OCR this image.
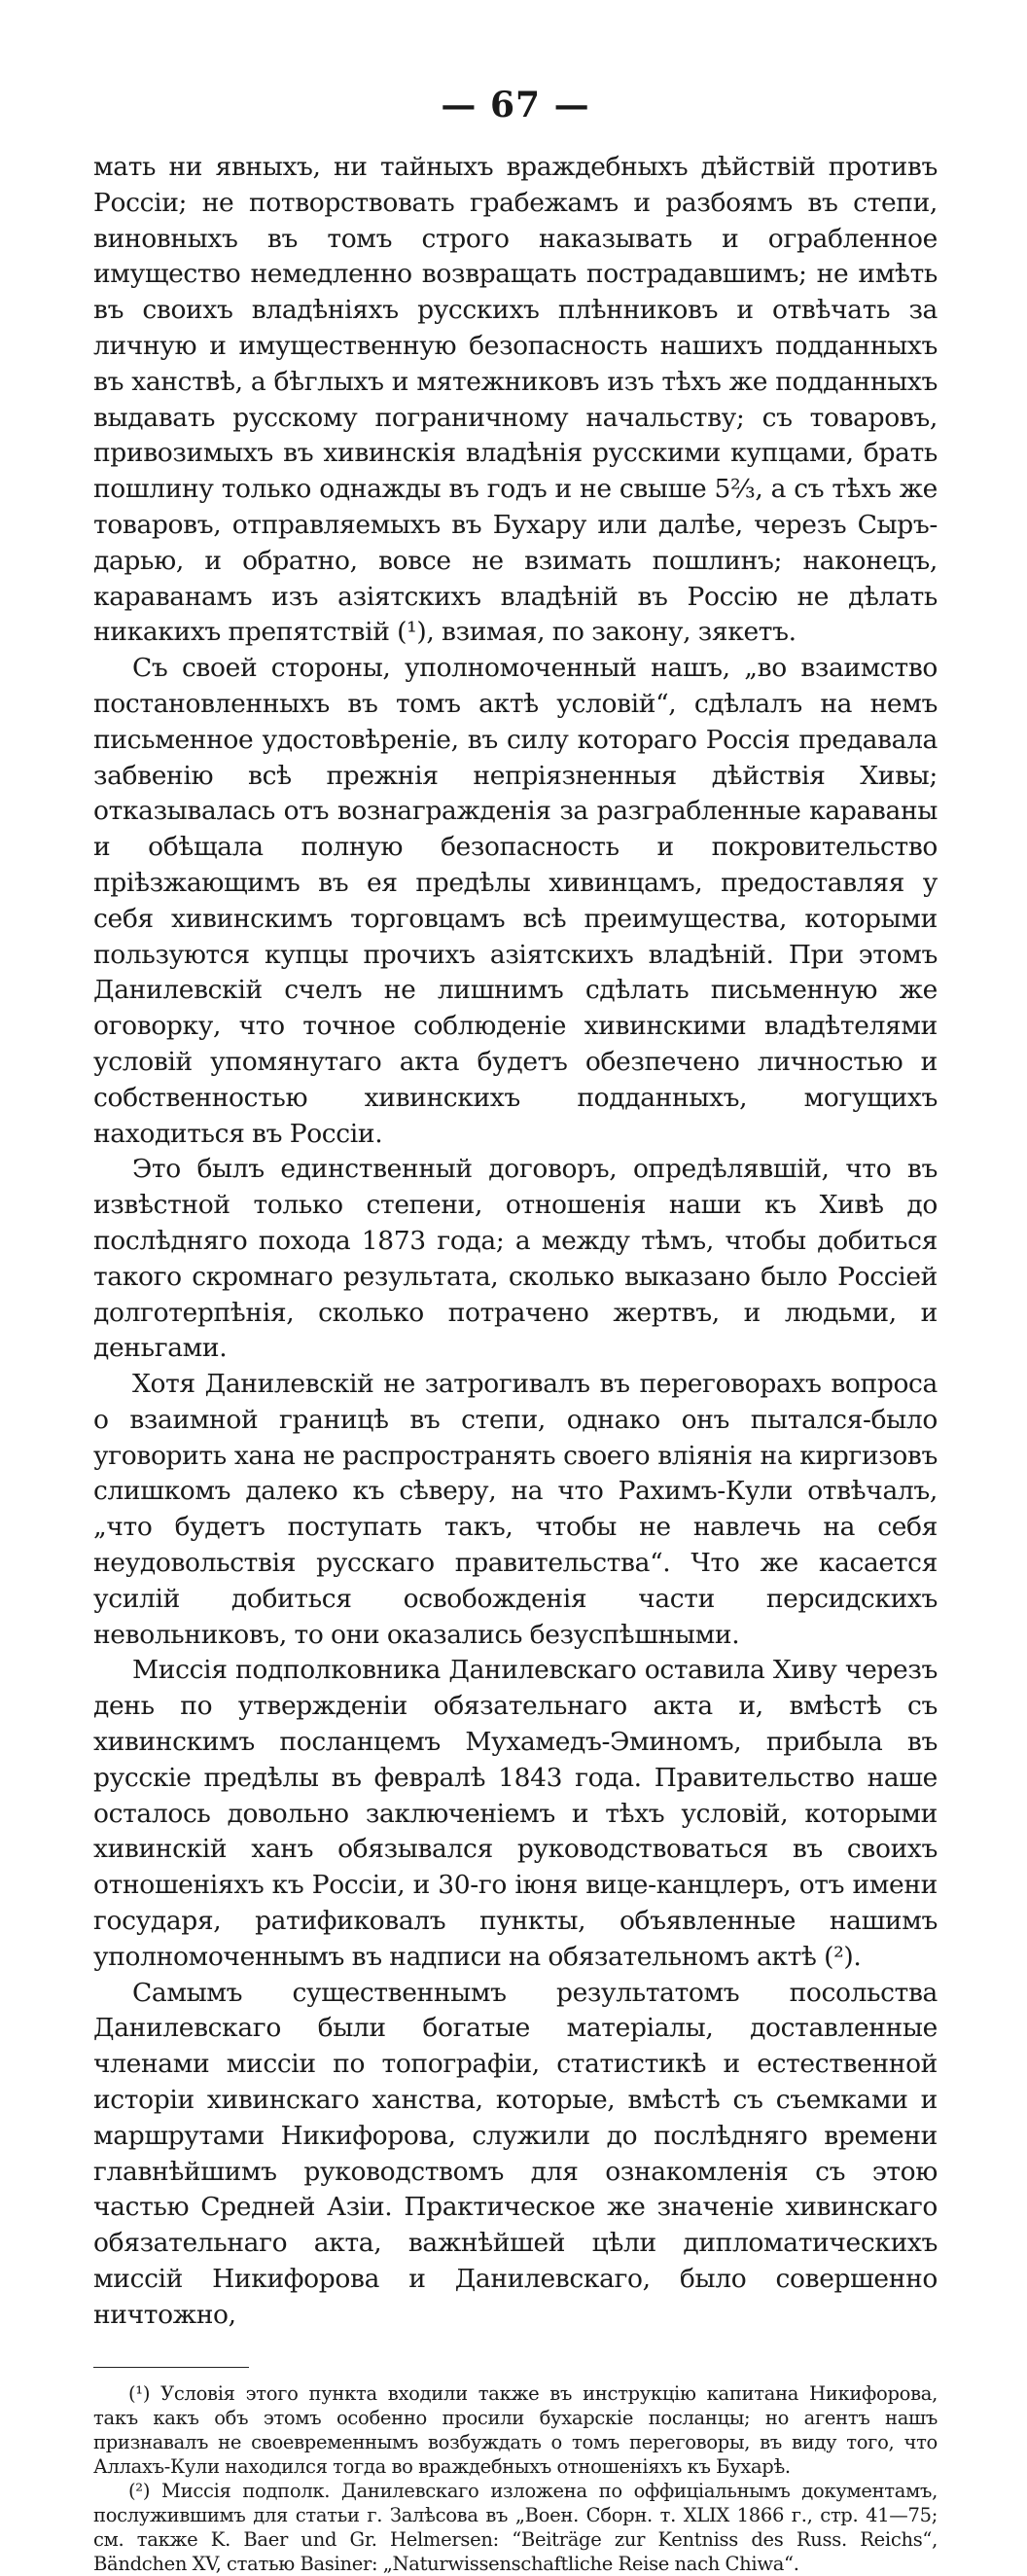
— 67 —

мать ни явныхъ, ни тайныхъ враждебныхъ дѣйствій противъ Россіи; не потворствовать грабежамъ и разбоямъ въ степи, виновныхъ въ томъ строго наказывать и ограбленное имущество немедленно возвращать пострадавшимъ; не имѣть въ своихъ владѣніяхъ русскихъ плѣнниковъ и отвѣчать за личную и имущественную безопасность нашихъ подданныхъ въ ханствѣ, а бѣглыхъ и мятежниковъ изъ тѣхъ же подданныхъ выдавать русскому пограничному начальству; съ товаровъ, привозимыхъ въ хивинскія владѣнія русскими купцами, брать пошлину только однажды въ годъ и не свыше 5⅔, а съ тѣхъ же товаровъ, отправляемыхъ въ Бухару или далѣе, черезъ Сыръ-дарью, и обратно, вовсе не взимать пошлинъ; наконецъ, караванамъ изъ азіятскихъ владѣній въ Россію не дѣлать никакихъ препятствій (¹), взимая, по закону, зякетъ.

Съ своей стороны, уполномоченный нашъ, „во взаимство постановленныхъ въ томъ актѣ условій“, сдѣлалъ на немъ письменное удостовѣреніе, въ силу котораго Россія предавала забвенію всѣ прежнія непріязненныя дѣйствія Хивы; отказывалась отъ вознагражденія за разграбленные караваны и обѣщала полную безопасность и покровительство пріѣзжающимъ въ ея предѣлы хивинцамъ, предоставляя у себя хивинскимъ торговцамъ всѣ преимущества, которыми пользуются купцы прочихъ азіятскихъ владѣній. При этомъ Данилевскій счелъ не лишнимъ сдѣлать письменную же оговорку, что точное соблюденіе хивинскими владѣтелями условій упомянутаго акта будетъ обезпечено личностью и собственностью хивинскихъ подданныхъ, могущихъ находиться въ Россіи.

Это былъ единственный договоръ, опредѣлявшій, что въ извѣстной только степени, отношенія наши къ Хивѣ до послѣдняго похода 1873 года; а между тѣмъ, чтобы добиться такого скромнаго результата, сколько выказано было Россіей долготерпѣнія, сколько потрачено жертвъ, и людьми, и деньгами.

Хотя Данилевскій не затрогивалъ въ переговорахъ вопроса о взаимной границѣ въ степи, однако онъ пытался-было уговорить хана не распространять своего вліянія на киргизовъ слишкомъ далеко къ сѣверу, на что Рахимъ-Кули отвѣчалъ, „что будетъ поступать такъ, чтобы не навлечь на себя неудовольствія русскаго правительства“. Что же касается усилій добиться освобожденія части персидскихъ невольниковъ, то они оказались безуспѣшными.

Миссія подполковника Данилевскаго оставила Хиву черезъ день по утвержденіи обязательнаго акта и, вмѣстѣ съ хивинскимъ посланцемъ Мухамедъ-Эминомъ, прибыла въ русскіе предѣлы въ февралѣ 1843 года. Правительство наше осталось довольно заключеніемъ и тѣхъ условій, которыми хивинскій ханъ обязывался руководствоваться въ своихъ отношеніяхъ къ Россіи, и 30-го іюня вице-канцлеръ, отъ имени государя, ратификовалъ пункты, объявленные нашимъ уполномоченнымъ въ надписи на обязательномъ актѣ (²).

Самымъ существеннымъ результатомъ посольства Данилевскаго были богатые матеріалы, доставленные членами миссіи по топографіи, статистикѣ и естественной исторіи хивинскаго ханства, которые, вмѣстѣ съ съемками и маршрутами Никифорова, служили до послѣдняго времени главнѣйшимъ руководствомъ для ознакомленія съ этою частью Средней Азіи. Практическое же значеніе хивинскаго обязательнаго акта, важнѣйшей цѣли дипломатическихъ миссій Никифорова и Данилевскаго, было совершенно ничтожно,

(¹) Условія этого пункта входили также въ инструкцію капитана Никифорова, такъ какъ объ этомъ особенно просили бухарскіе посланцы; но агентъ нашъ признавалъ не своевременнымъ возбуждать о томъ переговоры, въ виду того, что Аллахъ-Кули находился тогда во враждебныхъ отношеніяхъ къ Бухарѣ.

(²) Миссія подполк. Данилевскаго изложена по оффиціальнымъ документамъ, послужившимъ для статьи г. Залѣсова въ „Воен. Сборн. т. XLIX 1866 г., стр. 41—75; см. также K. Baer und Gr. Helmersen: “Beiträge zur Kentniss des Russ. Reichs“, Bändchen XV, статью Basiner: „Naturwissenschaftliche Reise nach Chiwa“.
